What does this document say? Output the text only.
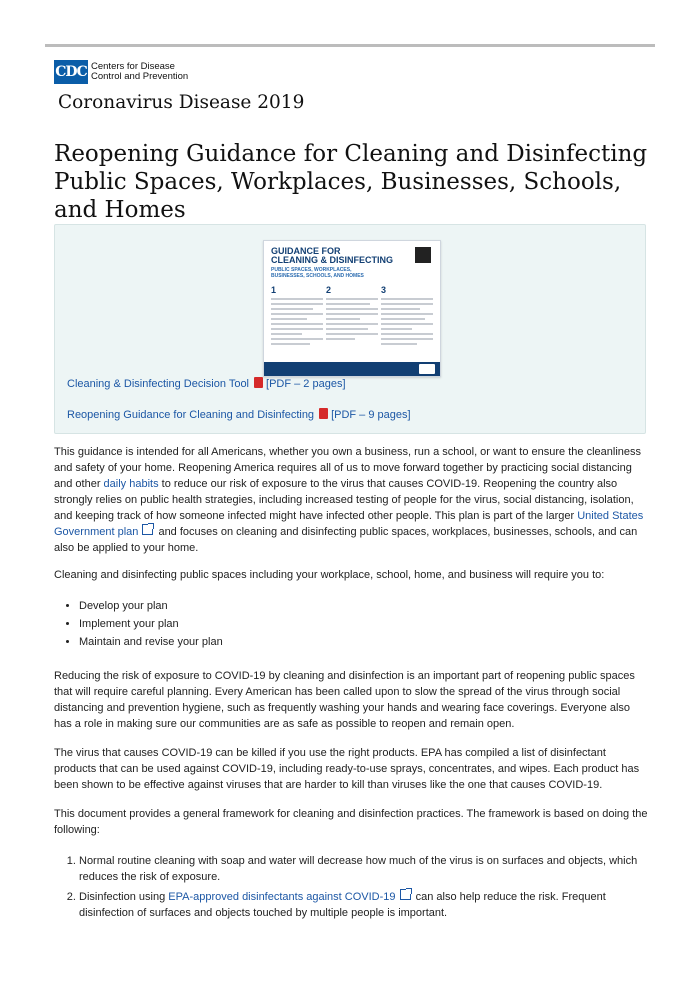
CDC Centers for Disease
Control and Prevention
Coronavirus Disease 2019
Reopening Guidance for Cleaning and Disinfecting Public Spaces, Workplaces, Businesses, Schools, and Homes
GUIDANCE FOR
CLEANING & DISINFECTING
PUBLIC SPACES, WORKPLACES, BUSINESSES, SCHOOLS, AND HOMES
1	2	3
Cleaning & Disinfecting Decision Tool [PDF – 2 pages]
Reopening Guidance for Cleaning and Disinfecting [PDF – 9 pages]

This guidance is intended for all Americans, whether you own a business, run a school, or want to ensure the cleanliness and safety of your home. Reopening America requires all of us to move forward together by practicing social distancing and other daily habits to reduce our risk of exposure to the virus that causes COVID-19. Reopening the country also strongly relies on public health strategies, including increased testing of people for the virus, social distancing, isolation, and keeping track of how someone infected might have infected other people. This plan is part of the larger United States Government plan and focuses on cleaning and disinfecting public spaces, workplaces, businesses, schools, and can also be applied to your home.

Cleaning and disinfecting public spaces including your workplace, school, home, and business will require you to:

• Develop your plan
• Implement your plan
• Maintain and revise your plan

Reducing the risk of exposure to COVID-19 by cleaning and disinfection is an important part of reopening public spaces that will require careful planning. Every American has been called upon to slow the spread of the virus through social distancing and prevention hygiene, such as frequently washing your hands and wearing face coverings. Everyone also has a role in making sure our communities are as safe as possible to reopen and remain open.

The virus that causes COVID-19 can be killed if you use the right products. EPA has compiled a list of disinfectant products that can be used against COVID-19, including ready-to-use sprays, concentrates, and wipes. Each product has been shown to be effective against viruses that are harder to kill than viruses like the one that causes COVID-19.

This document provides a general framework for cleaning and disinfection practices. The framework is based on doing the following:

1. Normal routine cleaning with soap and water will decrease how much of the virus is on surfaces and objects, which reduces the risk of exposure.
2. Disinfection using EPA-approved disinfectants against COVID-19 can also help reduce the risk. Frequent disinfection of surfaces and objects touched by multiple people is important.
